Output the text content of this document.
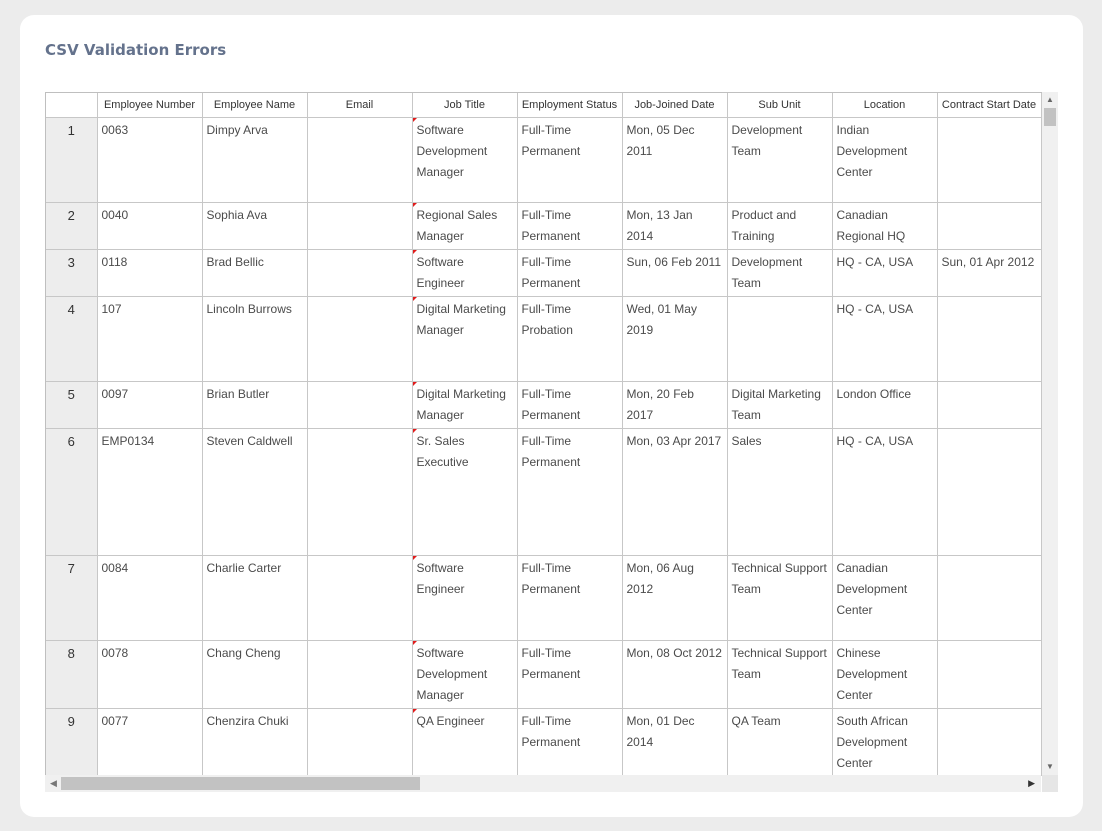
CSV Validation Errors
	Employee Number	Employee Name	Email	Job Title	Employment Status	Job-Joined Date	Sub Unit	Location	Contract Start Date
1	0063	Dimpy Arva		Software Development Manager	Full-Time Permanent	Mon, 05 Dec 2011	Development Team	Indian Development Center	
2	0040	Sophia Ava		Regional Sales Manager	Full-Time Permanent	Mon, 13 Jan 2014	Product and Training	Canadian Regional HQ	
3	0118	Brad Bellic		Software Engineer	Full-Time Permanent	Sun, 06 Feb 2011	Development Team	HQ - CA, USA	Sun, 01 Apr 2012
4	107	Lincoln Burrows		Digital Marketing Manager	Full-Time Probation	Wed, 01 May 2019		HQ - CA, USA	
5	0097	Brian Butler		Digital Marketing Manager	Full-Time Permanent	Mon, 20 Feb 2017	Digital Marketing Team	London Office	
6	EMP0134	Steven Caldwell		Sr. Sales Executive	Full-Time Permanent	Mon, 03 Apr 2017	Sales	HQ - CA, USA	
7	0084	Charlie Carter		Software Engineer	Full-Time Permanent	Mon, 06 Aug 2012	Technical Support Team	Canadian Development Center	
8	0078	Chang Cheng		Software Development Manager	Full-Time Permanent	Mon, 08 Oct 2012	Technical Support Team	Chinese Development Center	
9	0077	Chenzira Chuki		QA Engineer	Full-Time Permanent	Mon, 01 Dec 2014	QA Team	South African Development Center	
▲
▼
◀	▶
